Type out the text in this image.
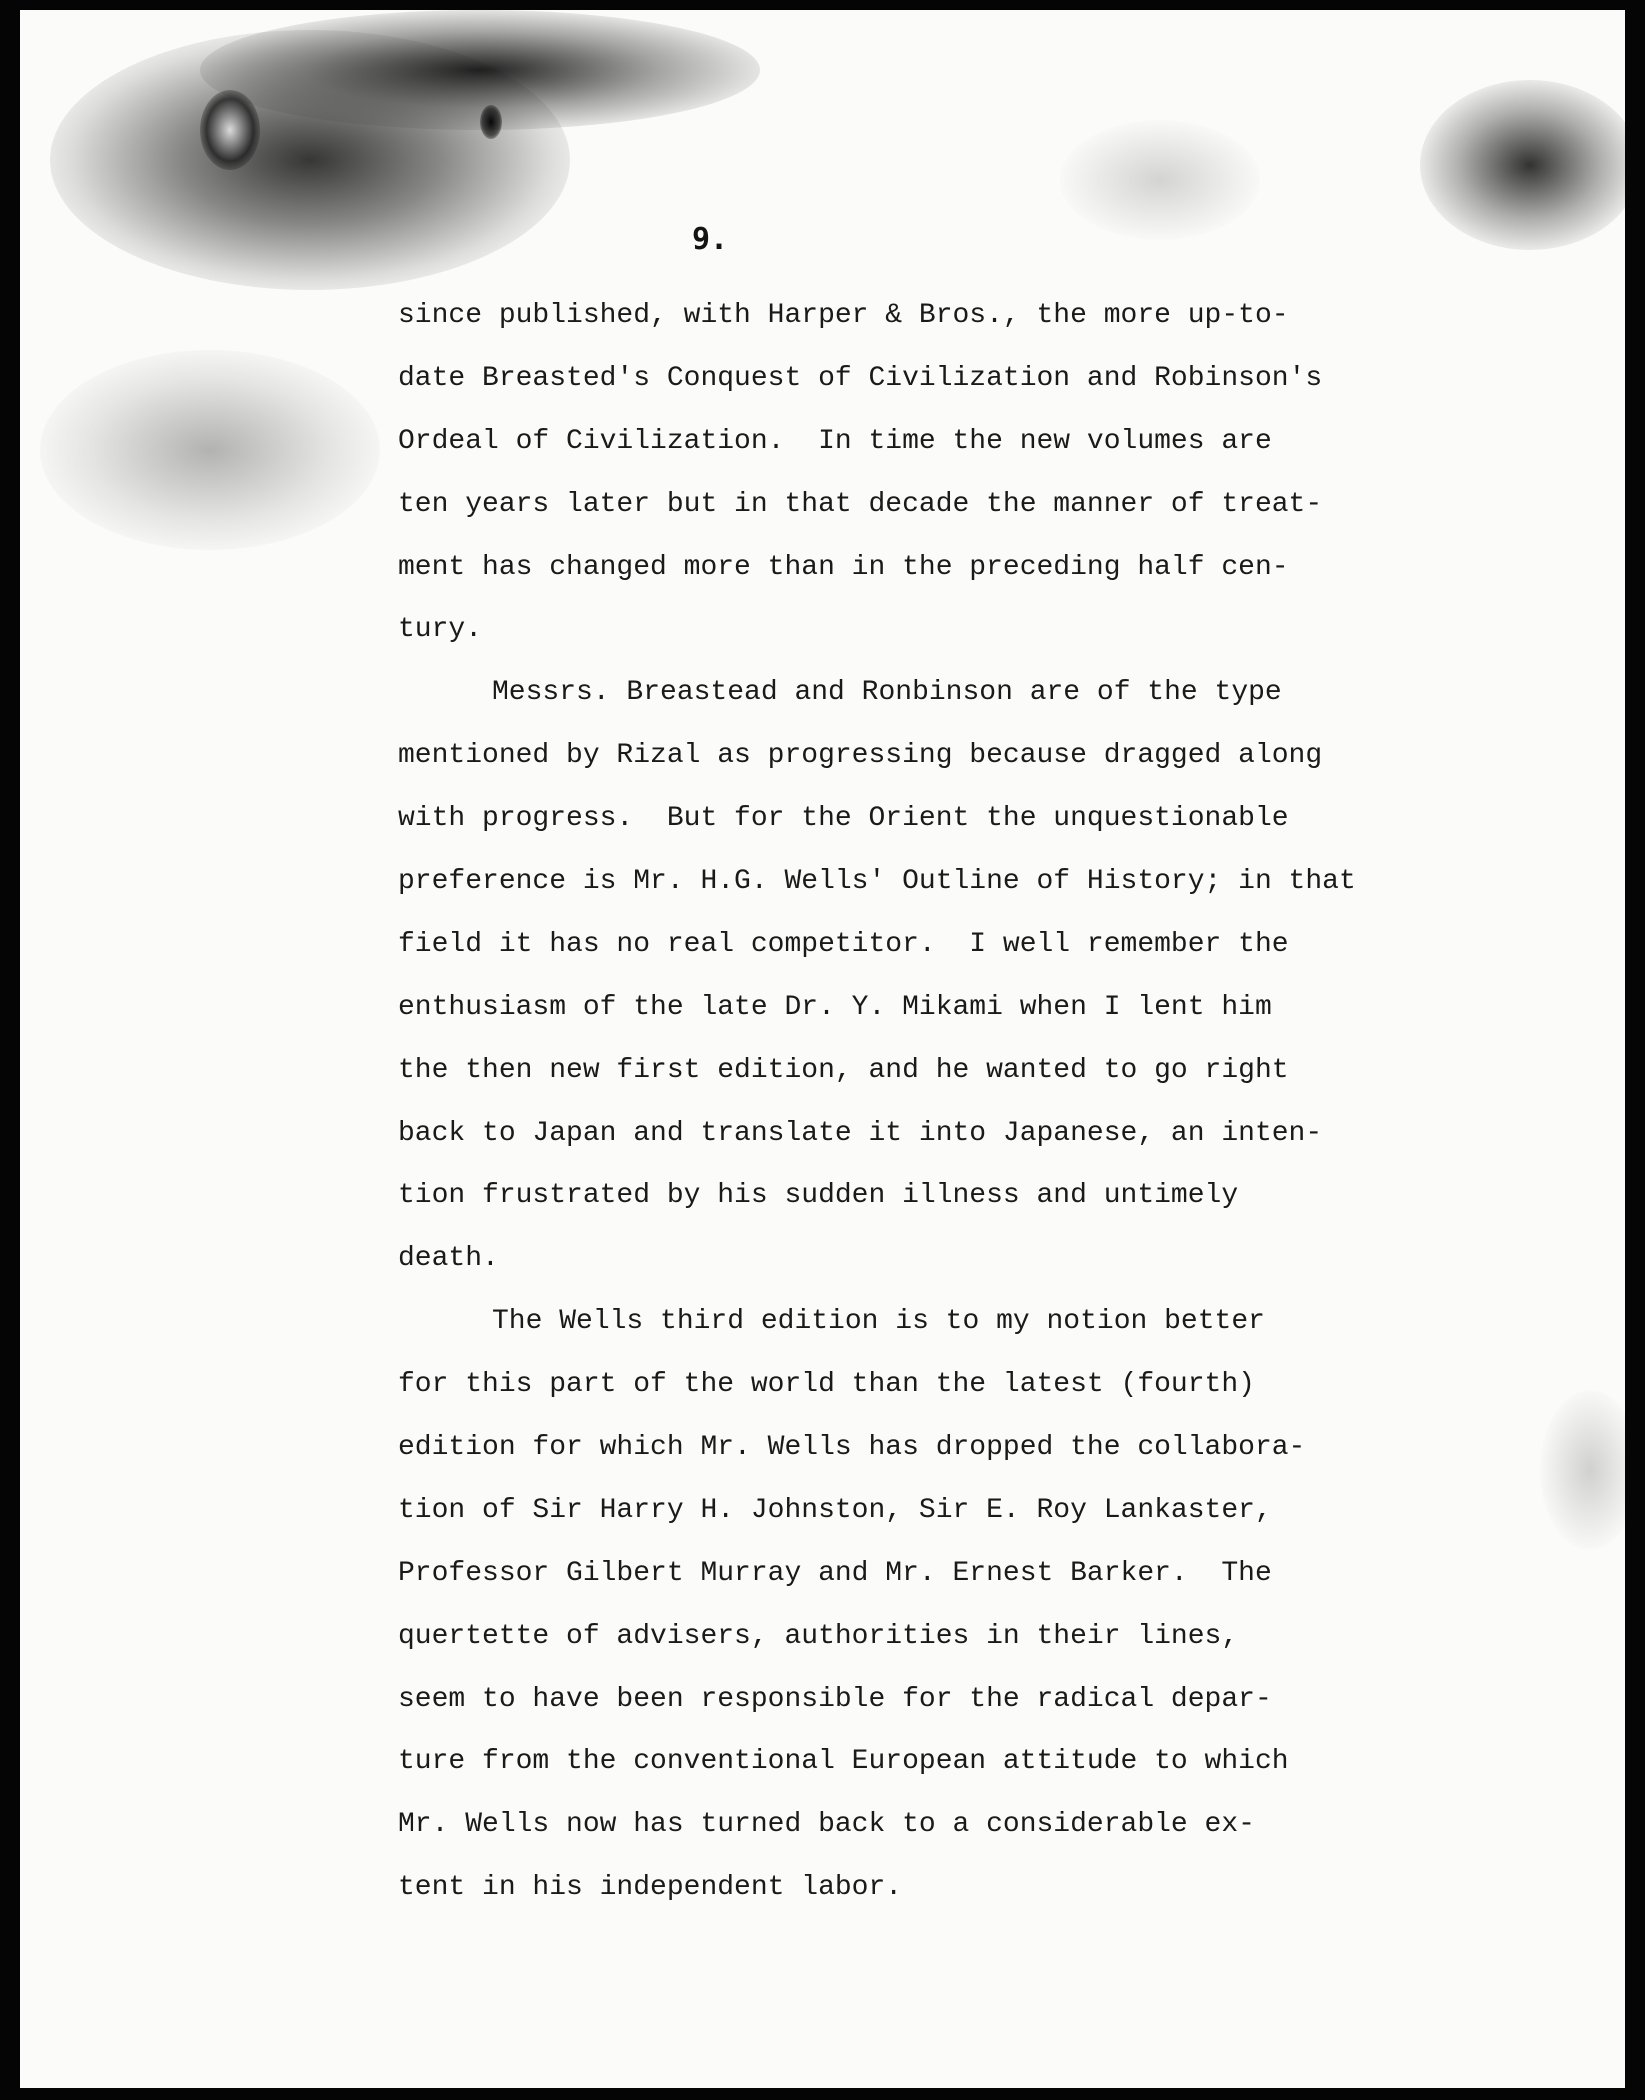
9.

since published, with Harper & Bros., the more up-to-
date Breasted's Conquest of Civilization and Robinson's
Ordeal of Civilization.  In time the new volumes are
ten years later but in that decade the manner of treat-
ment has changed more than in the preceding half cen-
tury.
Messrs. Breastead and Ronbinson are of the type
mentioned by Rizal as progressing because dragged along
with progress.  But for the Orient the unquestionable
preference is Mr. H.G. Wells' Outline of History; in that
field it has no real competitor.  I well remember the
enthusiasm of the late Dr. Y. Mikami when I lent him
the then new first edition, and he wanted to go right
back to Japan and translate it into Japanese, an inten-
tion frustrated by his sudden illness and untimely
death.
The Wells third edition is to my notion better
for this part of the world than the latest (fourth)
edition for which Mr. Wells has dropped the collabora-
tion of Sir Harry H. Johnston, Sir E. Roy Lankaster,
Professor Gilbert Murray and Mr. Ernest Barker.  The
quertette of advisers, authorities in their lines,
seem to have been responsible for the radical depar-
ture from the conventional European attitude to which
Mr. Wells now has turned back to a considerable ex-
tent in his independent labor.
